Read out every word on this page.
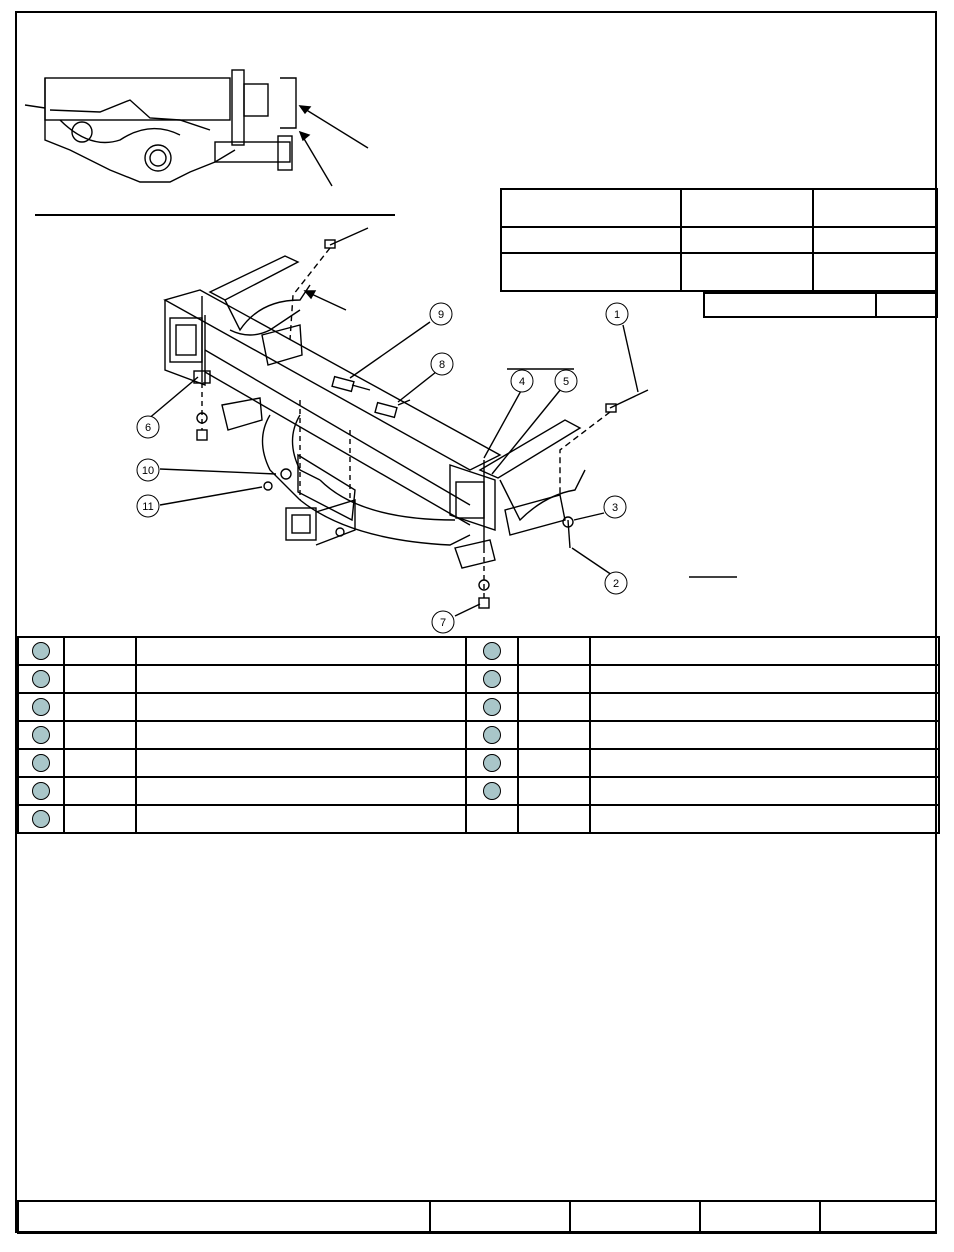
1
2
3
4	5
6
7
8
9
10
11
